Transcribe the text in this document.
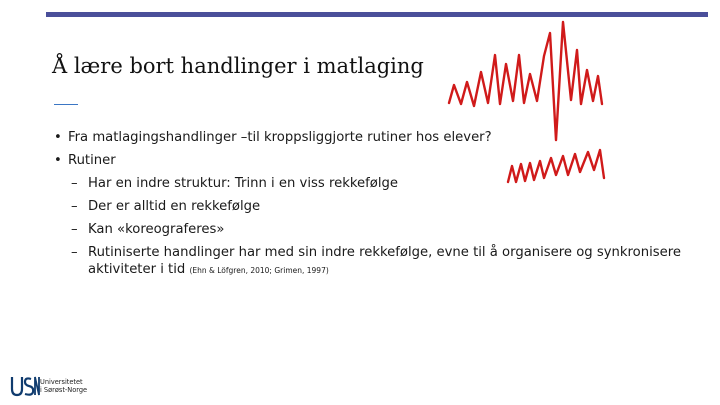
Å lære bort handlinger i matlaging
• Fra matlagingshandlinger –til kroppsliggjorte rutiner hos elever?
• Rutiner
– Har en indre struktur: Trinn i en viss rekkefølge
– Der er alltid en rekkefølge
– Kan «koreograferes»
– Rutiniserte handlinger har med sin indre rekkefølge, evne til å organisere og synkronisere
aktiviteter i tid (Ehn & Löfgren, 2010; Grimen, 1997)
Universitetet
i Sørøst-Norge
